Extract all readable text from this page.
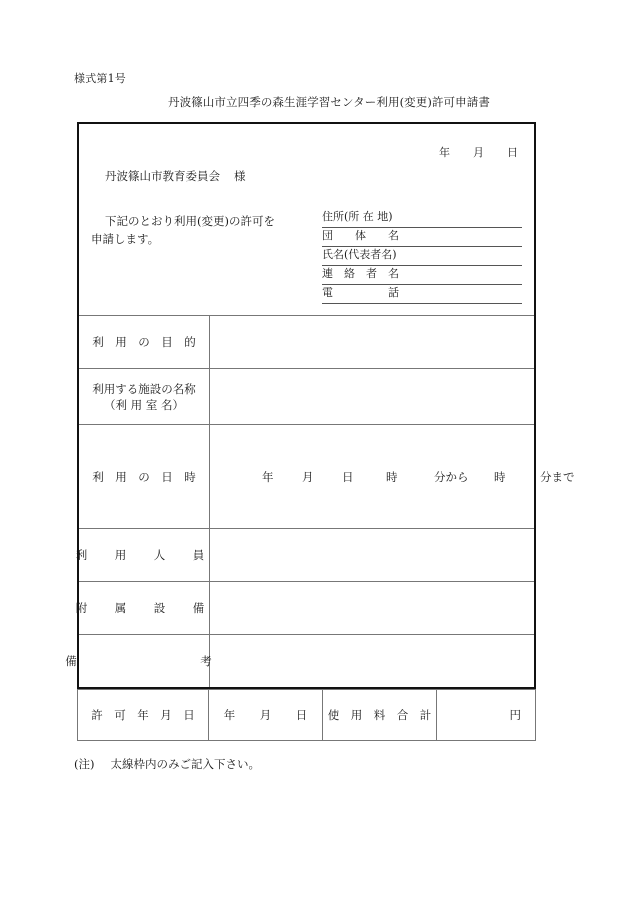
様式第1号
丹波篠山市立四季の森生涯学習センター利用(変更)許可申請書
年 月 日
丹波篠山市教育委員会 様
下記のとおり利用(変更)の許可を
申請します。
住所(所 在 地)
団　　体　　名
氏名(代表者名)
連　絡　者　名
電　　　　　話
利　用　の　目　的
利用する施設の名称
（利 用 室 名）
利　用　の　日　時	年 月 日	時	分から 時	分まで
利　用　人　員
附　属　設　備
備　　　　　考
許　可　年　月　日	年 月 日	使　用　料　合　計	円
(注) 太線枠内のみご記入下さい。
